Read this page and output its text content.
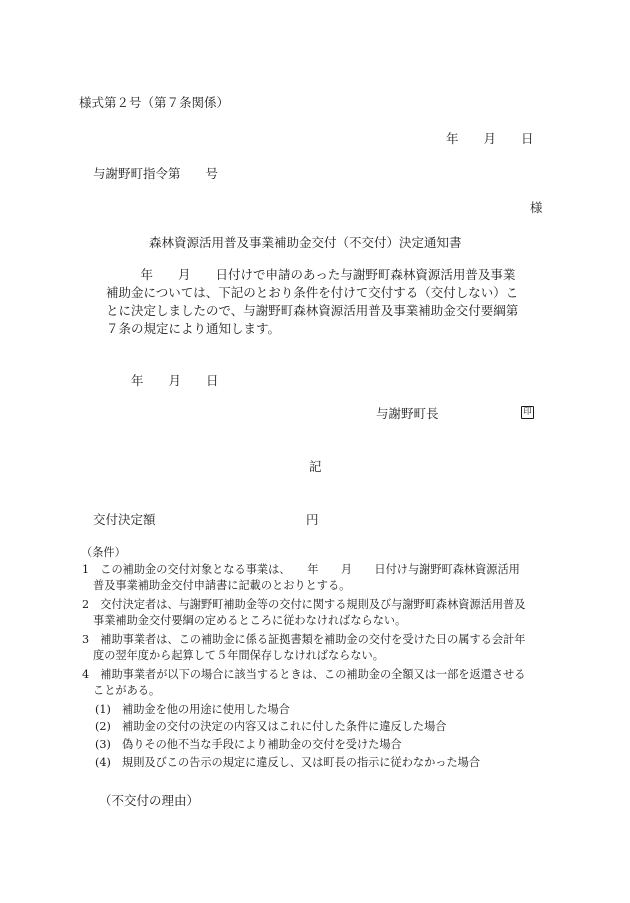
様式第２号（第７条関係）

年　　月　　日

与謝野町指令第　　号

様

森林資源活用普及事業補助金交付（不交付）決定通知書

　年　　月　　日付けで申請のあった与謝野町森林資源活用普及事業

補助金については、下記のとおり条件を付けて交付する（交付しない）こ

とに決定しましたので、与謝野町森林資源活用普及事業補助金交付要綱第

７条の規定により通知します。

年　　月　　日

与謝野町長	印

記

交付決定額	円

（条件）

1　この補助金の交付対象となる事業は、　　年　　月　　日付け与謝野町森林資源活用

普及事業補助金交付申請書に記載のとおりとする。

2　交付決定者は、与謝野町補助金等の交付に関する規則及び与謝野町森林資源活用普及

事業補助金交付要綱の定めるところに従わなければならない。

3　補助事業者は、この補助金に係る証拠書類を補助金の交付を受けた日の属する会計年

度の翌年度から起算して５年間保存しなければならない。

4　補助事業者が以下の場合に該当するときは、この補助金の全額又は一部を返還させる

ことがある。

(1)　補助金を他の用途に使用した場合

(2)　補助金の交付の決定の内容又はこれに付した条件に違反した場合

(3)　偽りその他不当な手段により補助金の交付を受けた場合

(4)　規則及びこの告示の規定に違反し、又は町長の指示に従わなかった場合

（不交付の理由）
